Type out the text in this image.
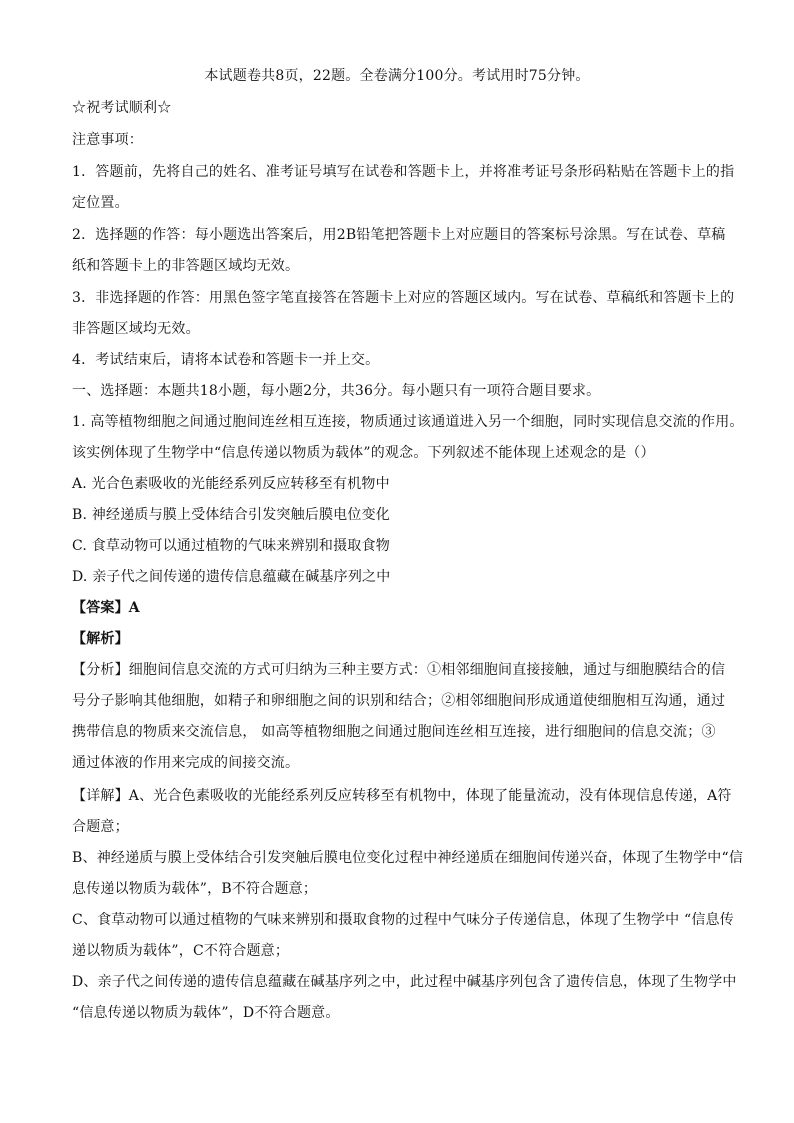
本试题卷共8页，22题。全卷满分100分。考试用时75分钟。
☆祝考试顺利☆
注意事项：
1．答题前，先将自己的姓名、准考证号填写在试卷和答题卡上，并将准考证号条形码粘贴在答题卡上的指
定位置。
2．选择题的作答：每小题选出答案后，用2B铅笔把答题卡上对应题目的答案标号涂黑。写在试卷、草稿
纸和答题卡上的非答题区域均无效。
3．非选择题的作答：用黑色签字笔直接答在答题卡上对应的答题区域内。写在试卷、草稿纸和答题卡上的
非答题区域均无效。
4．考试结束后，请将本试卷和答题卡一并上交。
一、选择题：本题共18小题，每小题2分，共36分。每小题只有一项符合题目要求。
1. 高等植物细胞之间通过胞间连丝相互连接，物质通过该通道进入另一个细胞，同时实现信息交流的作用。
该实例体现了生物学中“信息传递以物质为载体”的观念。下列叙述不能体现上述观念的是（）
A. 光合色素吸收的光能经系列反应转移至有机物中
B. 神经递质与膜上受体结合引发突触后膜电位变化
C. 食草动物可以通过植物的气味来辨别和摄取食物
D. 亲子代之间传递的遗传信息蕴藏在碱基序列之中
【答案】A
【解析】
【分析】细胞间信息交流的方式可归纳为三种主要方式：①相邻细胞间直接接触，通过与细胞膜结合的信
号分子影响其他细胞，如精子和卵细胞之间的识别和结合；②相邻细胞间形成通道使细胞相互沟通，通过
携带信息的物质来交流信息， 如高等植物细胞之间通过胞间连丝相互连接，进行细胞间的信息交流；③
通过体液的作用来完成的间接交流。
【详解】A、光合色素吸收的光能经系列反应转移至有机物中，体现了能量流动，没有体现信息传递，A符
合题意；
B、神经递质与膜上受体结合引发突触后膜电位变化过程中神经递质在细胞间传递兴奋，体现了生物学中“信
息传递以物质为载体”，B不符合题意；
C、食草动物可以通过植物的气味来辨别和摄取食物的过程中气味分子传递信息，体现了生物学中 “信息传
递以物质为载体”，C不符合题意；
D、亲子代之间传递的遗传信息蕴藏在碱基序列之中，此过程中碱基序列包含了遗传信息，体现了生物学中
“信息传递以物质为载体”，D不符合题意。
